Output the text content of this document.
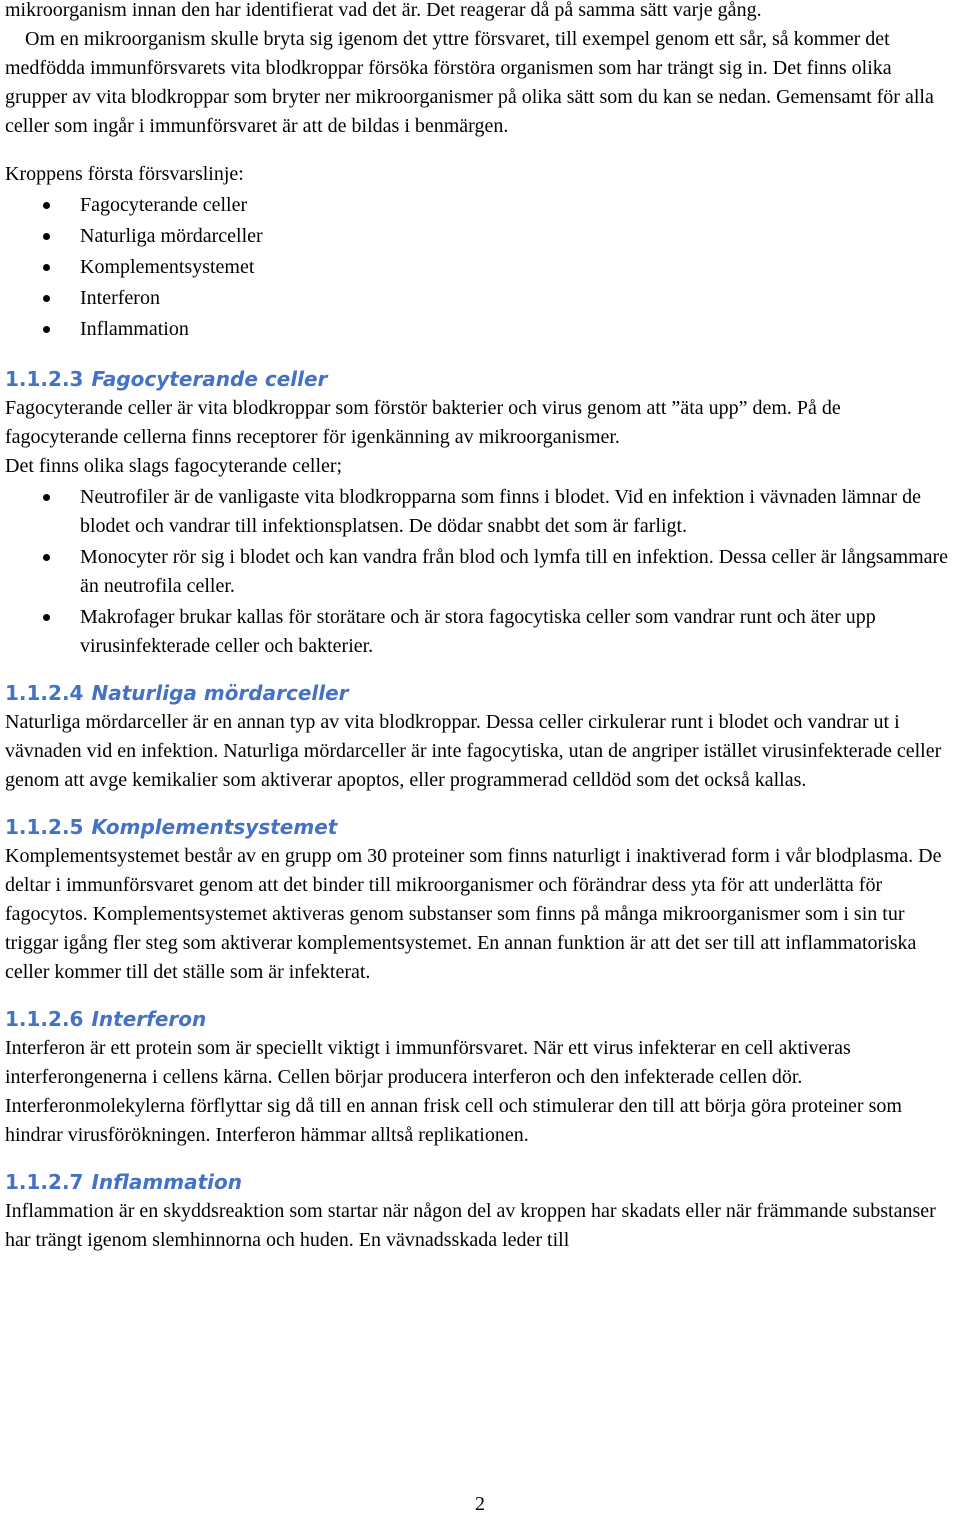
mikroorganism innan den har identifierat vad det är. Det reagerar då på samma sätt varje gång.

Om en mikroorganism skulle bryta sig igenom det yttre försvaret, till exempel genom ett sår, så kommer det medfödda immunförsvarets vita blodkroppar försöka förstöra organismen som har trängt sig in. Det finns olika grupper av vita blodkroppar som bryter ner mikroorganismer på olika sätt som du kan se nedan. Gemensamt för alla celler som ingår i immunförsvaret är att de bildas i benmärgen.

Kroppens första försvarslinje:

Fagocyterande celler
Naturliga mördarceller
Komplementsystemet
Interferon
Inflammation
1.1.2.3 Fagocyterande celler

Fagocyterande celler är vita blodkroppar som förstör bakterier och virus genom att ”äta upp” dem. På de fagocyterande cellerna finns receptorer för igenkänning av mikroorganismer.

Det finns olika slags fagocyterande celler;

Neutrofiler är de vanligaste vita blodkropparna som finns i blodet. Vid en infektion i vävnaden lämnar de blodet och vandrar till infektionsplatsen. De dödar snabbt det som är farligt.
Monocyter rör sig i blodet och kan vandra från blod och lymfa till en infektion. Dessa celler är långsammare än neutrofila celler.
Makrofager brukar kallas för storätare och är stora fagocytiska celler som vandrar runt och äter upp virusinfekterade celler och bakterier.
1.1.2.4 Naturliga mördarceller

Naturliga mördarceller är en annan typ av vita blodkroppar. Dessa celler cirkulerar runt i blodet och vandrar ut i vävnaden vid en infektion. Naturliga mördarceller är inte fagocytiska, utan de angriper istället virusinfekterade celler genom att avge kemikalier som aktiverar apoptos, eller programmerad celldöd som det också kallas.

1.1.2.5 Komplementsystemet

Komplementsystemet består av en grupp om 30 proteiner som finns naturligt i inaktiverad form i vår blodplasma. De deltar i immunförsvaret genom att det binder till mikroorganismer och förändrar dess yta för att underlätta för fagocytos. Komplementsystemet aktiveras genom substanser som finns på många mikroorganismer som i sin tur triggar igång fler steg som aktiverar komplementsystemet. En annan funktion är att det ser till att inflammatoriska celler kommer till det ställe som är infekterat.

1.1.2.6 Interferon

Interferon är ett protein som är speciellt viktigt i immunförsvaret. När ett virus infekterar en cell aktiveras interferongenerna i cellens kärna. Cellen börjar producera interferon och den infekterade cellen dör. Interferonmolekylerna förflyttar sig då till en annan frisk cell och stimulerar den till att börja göra proteiner som hindrar virusförökningen. Interferon hämmar alltså replikationen.

1.1.2.7 Inflammation

Inflammation är en skyddsreaktion som startar när någon del av kroppen har skadats eller när främmande substanser har trängt igenom slemhinnorna och huden. En vävnadsskada leder till

2
